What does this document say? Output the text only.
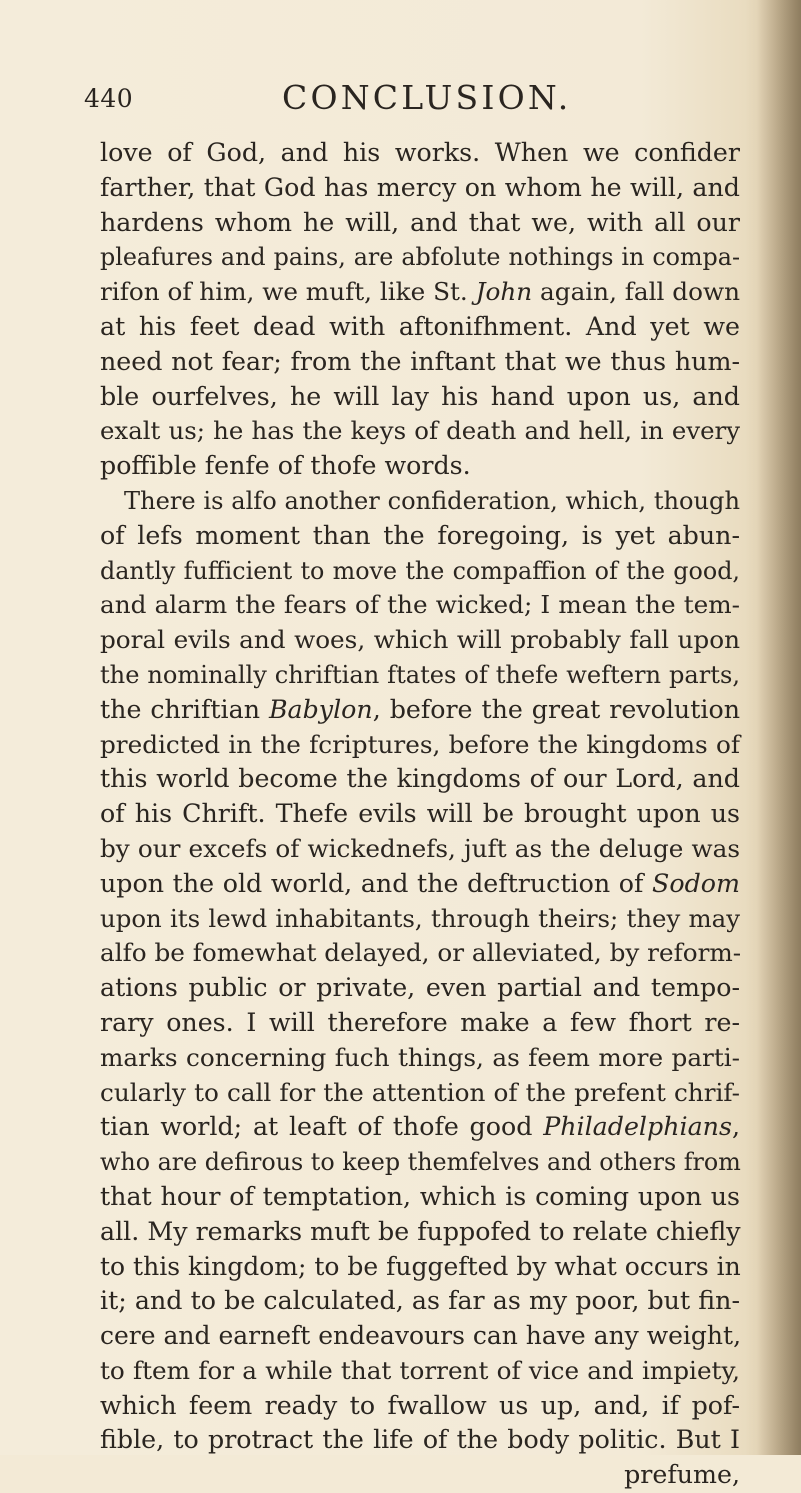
440	CONCLUSION.
love of God, and his works. When we confider
farther, that God has mercy on whom he will, and
hardens whom he will, and that we, with all our
pleafures and pains, are abfolute nothings in compa-
rifon of him, we muft, like St. John again, fall down
at his feet dead with aftonifhment. And yet we
need not fear; from the inftant that we thus hum-
ble ourfelves, he will lay his hand upon us, and
exalt us; he has the keys of death and hell, in every
poffible fenfe of thofe words.
There is alfo another confideration, which, though
of lefs moment than the foregoing, is yet abun-
dantly fufficient to move the compaffion of the good,
and alarm the fears of the wicked; I mean the tem-
poral evils and woes, which will probably fall upon
the nominally chriftian ftates of thefe weftern parts,
the chriftian Babylon, before the great revolution
predicted in the fcriptures, before the kingdoms of
this world become the kingdoms of our Lord, and
of his Chrift. Thefe evils will be brought upon us
by our excefs of wickednefs, juft as the deluge was
upon the old world, and the deftruction of Sodom
upon its lewd inhabitants, through theirs; they may
alfo be fomewhat delayed, or alleviated, by reform-
ations public or private, even partial and tempo-
rary ones. I will therefore make a few fhort re-
marks concerning fuch things, as feem more parti-
cularly to call for the attention of the prefent chrif-
tian world; at leaft of thofe good Philadelphians,
who are defirous to keep themfelves and others from
that hour of temptation, which is coming upon us
all. My remarks muft be fuppofed to relate chiefly
to this kingdom; to be fuggefted by what occurs in
it; and to be calculated, as far as my poor, but fin-
cere and earneft endeavours can have any weight,
to ftem for a while that torrent of vice and impiety,
which feem ready to fwallow us up, and, if pof-
fible, to protract the life of the body politic. But I
prefume,
